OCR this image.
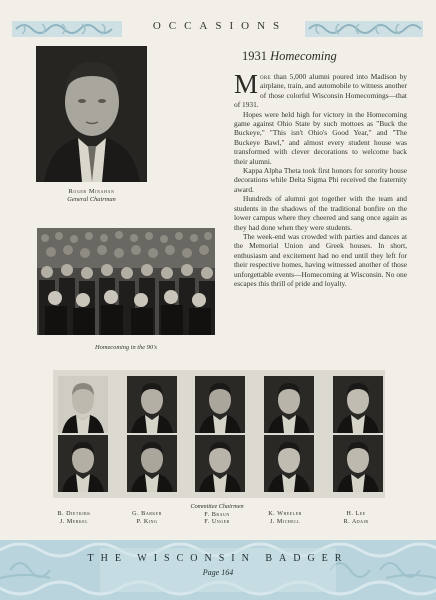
OCCASIONS
Roger Minahan
General Chairman
Homecoming in the 90's
1931 Homecoming

More than 5,000 alumni poured into Madison by airplane, train, and automobile to witness another of those colorful Wisconsin Homecomings—that of 1931.

Hopes were held high for victory in the Homecoming game against Ohio State by such mottoes as "Buck the Buckeye," "This isn't Ohio's Good Year," and "The Buckeye Bawl," and almost every student house was transformed with clever decorations to welcome back their alumni.

Kappa Alpha Theta took first honors for sorority house decorations while Delta Sigma Phi received the fraternity award.

Hundreds of alumni got together with the team and students in the shadows of the traditional bonfire on the lower campus where they cheered and sang once again as they had done when they were students.

The week-end was crowded with parties and dances at the Memorial Union and Greek houses. In short, enthusiasm and excitement had no end until they left for their respective homes, having witnessed another of those unforgettable events—Homecoming at Wisconsin. No one escapes this thrill of pride and loyalty.

B. Dietkirk
J. Merkel
G. Barker
P. King
Committee Chairmen
F. Braun
F. Unger
K. Wheeler
J. Michell
H. Lee
R. Adair
THE WISCONSIN BADGER
Page 164
